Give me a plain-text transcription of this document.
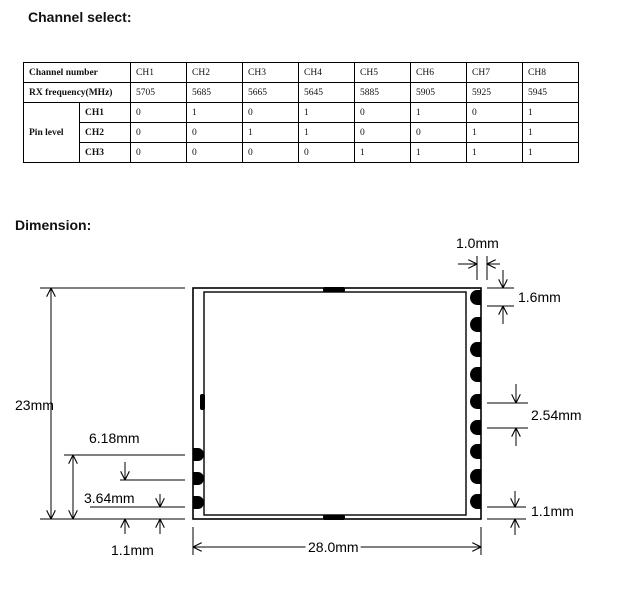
Channel select:
Channel number		CH1	CH2	CH3	CH4	CH5	CH6	CH7	CH8
RX frequency(MHz)		5705	5685	5665	5645	5885	5905	5925	5945
Pin level	CH1	0	1	0	1	0	1	0	1
	CH2	0	0	1	1	0	0	1	1
	CH3	0	0	0	0	1	1	1	1
Dimension:
1.0mm
1.6mm
2.54mm
1.1mm
23mm
6.18mm
3.64mm
1.1mm	28.0mm
